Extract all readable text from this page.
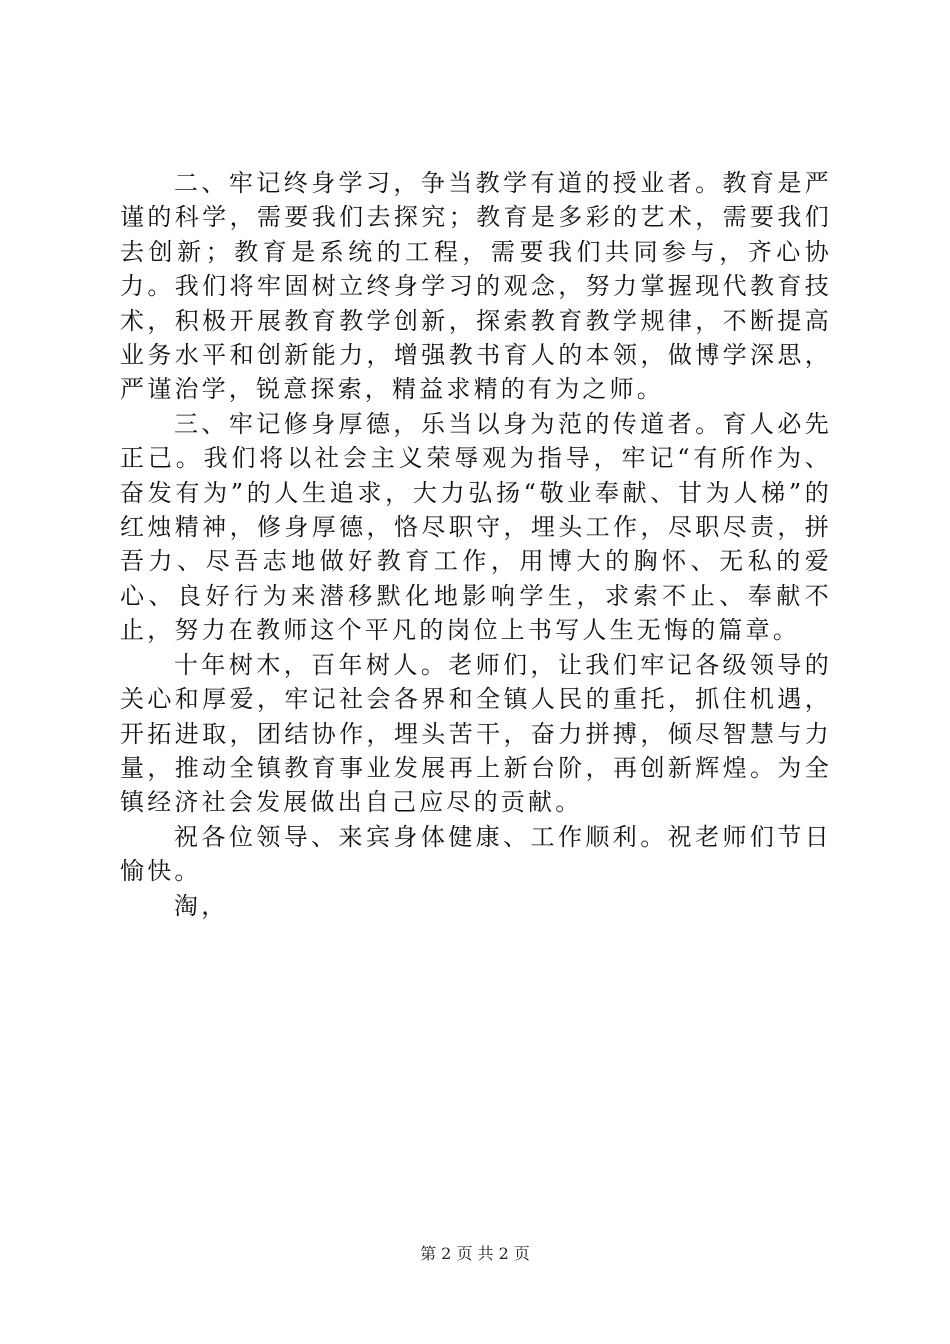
二、牢记终身学习，争当教学有道的授业者。教育是严谨的科学，需要我们去探究；教育是多彩的艺术，需要我们去创新；教育是系统的工程，需要我们共同参与，齐心协力。我们将牢固树立终身学习的观念，努力掌握现代教育技术，积极开展教育教学创新，探索教育教学规律，不断提高业务水平和创新能力，增强教书育人的本领，做博学深思，严谨治学，锐意探索，精益求精的有为之师。

三、牢记修身厚德，乐当以身为范的传道者。育人必先正己。我们将以社会主义荣辱观为指导，牢记“有所作为、奋发有为”的人生追求，大力弘扬“敬业奉献、甘为人梯”的红烛精神，修身厚德，恪尽职守，埋头工作，尽职尽责，拼吾力、尽吾志地做好教育工作，用博大的胸怀、无私的爱心、良好行为来潜移默化地影响学生，求索不止、奉献不止，努力在教师这个平凡的岗位上书写人生无悔的篇章。

十年树木，百年树人。老师们，让我们牢记各级领导的关心和厚爱，牢记社会各界和全镇人民的重托，抓住机遇，开拓进取，团结协作，埋头苦干，奋力拼搏，倾尽智慧与力量，推动全镇教育事业发展再上新台阶，再创新辉煌。为全镇经济社会发展做出自己应尽的贡献。

祝各位领导、来宾身体健康、工作顺利。祝老师们节日愉快。

淘，

第 2 页 共 2 页
